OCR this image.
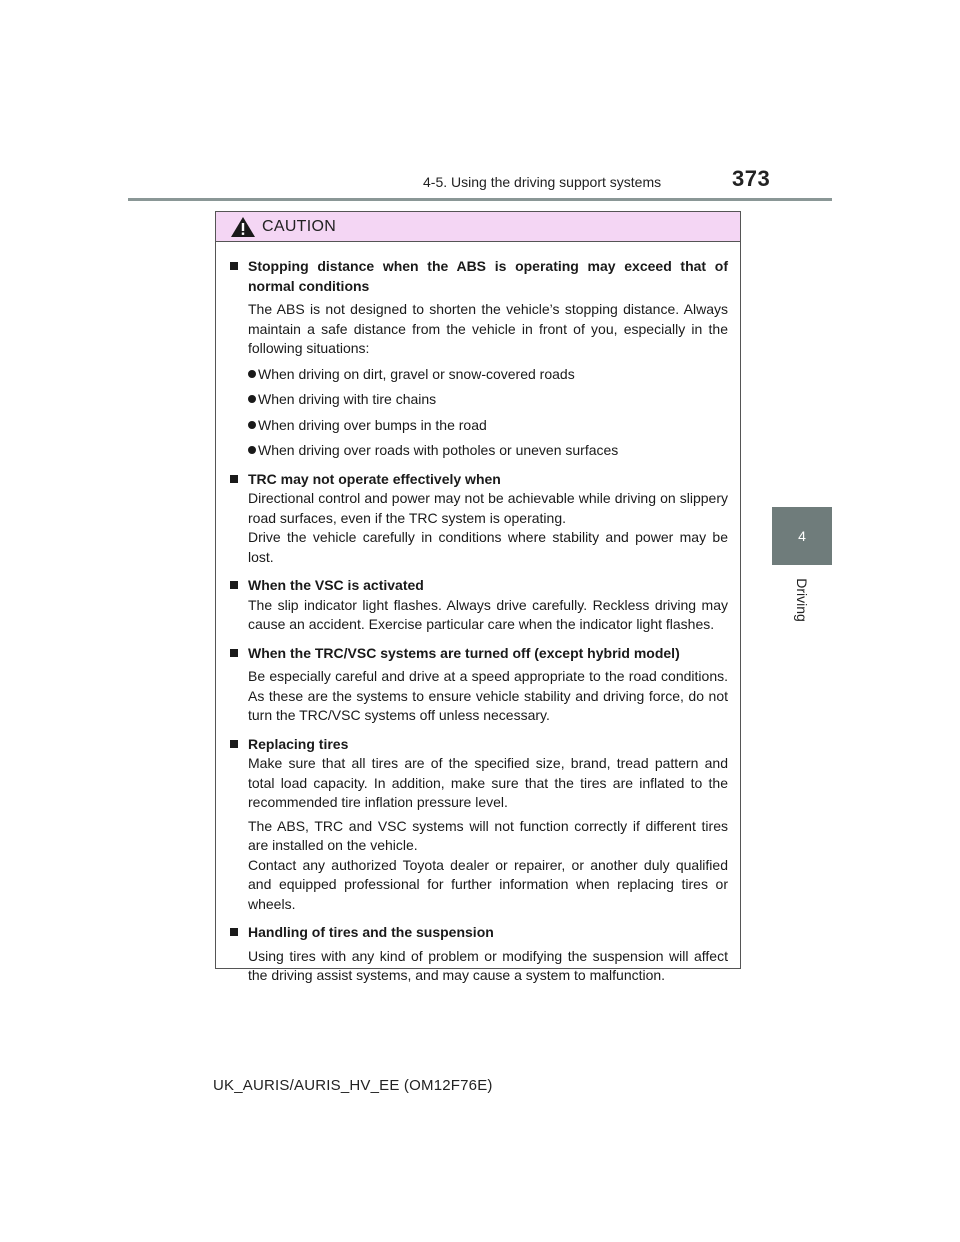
4-5. Using the driving support systems	373
4
Driving
CAUTION
Stopping distance when the ABS is operating may exceed that of normal conditions
The ABS is not designed to shorten the vehicle’s stopping distance. Always maintain a safe distance from the vehicle in front of you, especially in the following situations:
When driving on dirt, gravel or snow-covered roads
When driving with tire chains
When driving over bumps in the road
When driving over roads with potholes or uneven surfaces
TRC may not operate effectively when
Directional control and power may not be achievable while driving on slippery road surfaces, even if the TRC system is operating.
Drive the vehicle carefully in conditions where stability and power may be lost.
When the VSC is activated
The slip indicator light flashes. Always drive carefully. Reckless driving may cause an accident. Exercise particular care when the indicator light flashes.
When the TRC/VSC systems are turned off (except hybrid model)
Be especially careful and drive at a speed appropriate to the road conditions. As these are the systems to ensure vehicle stability and driving force, do not turn the TRC/VSC systems off unless necessary.
Replacing tires
Make sure that all tires are of the specified size, brand, tread pattern and total load capacity. In addition, make sure that the tires are inflated to the recommended tire inflation pressure level.
The ABS, TRC and VSC systems will not function correctly if different tires are installed on the vehicle.
Contact any authorized Toyota dealer or repairer, or another duly qualified and equipped professional for further information when replacing tires or wheels.
Handling of tires and the suspension
Using tires with any kind of problem or modifying the suspension will affect the driving assist systems, and may cause a system to malfunction.
UK_AURIS/AURIS_HV_EE (OM12F76E)
